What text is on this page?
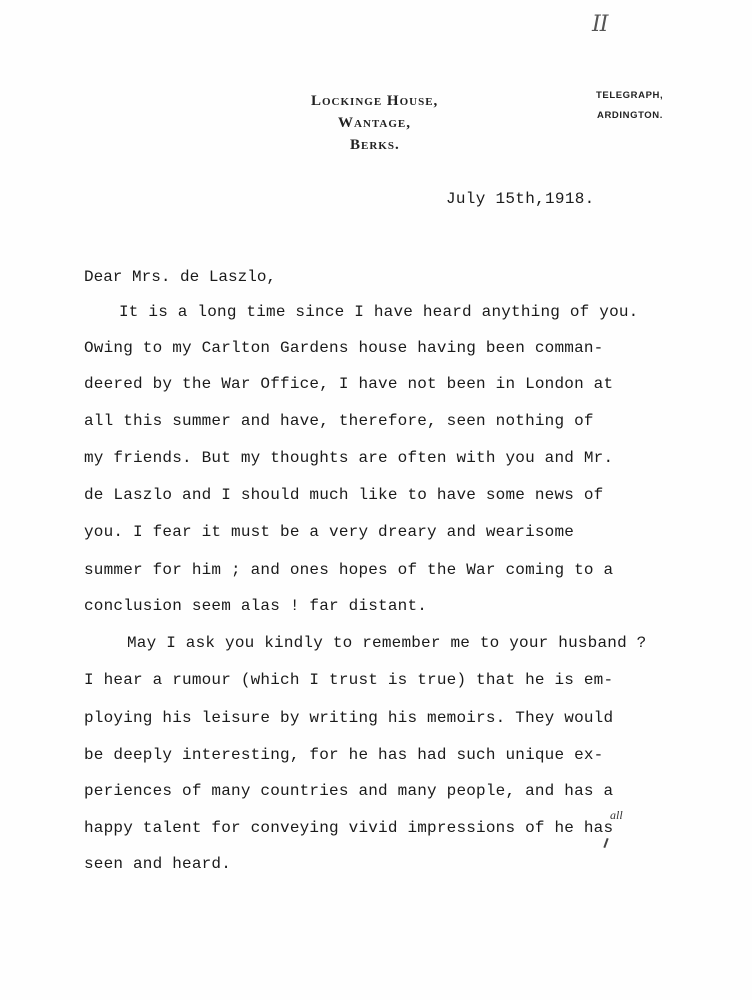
II
Lockinge House,
Wantage,
Berks.
TELEGRAPH,
ARDINGTON.
July 15th,1918.
Dear Mrs. de Laszlo,
It is a long time since I have heard anything of you.
Owing to my Carlton Gardens house having been comman-
deered by the War Office, I have not been in London at
all this summer and have, therefore, seen nothing of
my friends. But my thoughts are often with you and Mr.
de Laszlo and I should much like to have some news of
you. I fear it must be a very dreary and wearisome
summer for him ; and ones hopes of the War coming to a
conclusion seem alas ! far distant.
May I ask you kindly to remember me to your husband ?
I hear a rumour (which I trust is true) that he is em-
ploying his leisure by writing his memoirs. They would
be deeply interesting, for he has had such unique ex-
periences of many countries and many people, and has a
happy talent for conveying vivid impressions of he has
seen and heard.
all
